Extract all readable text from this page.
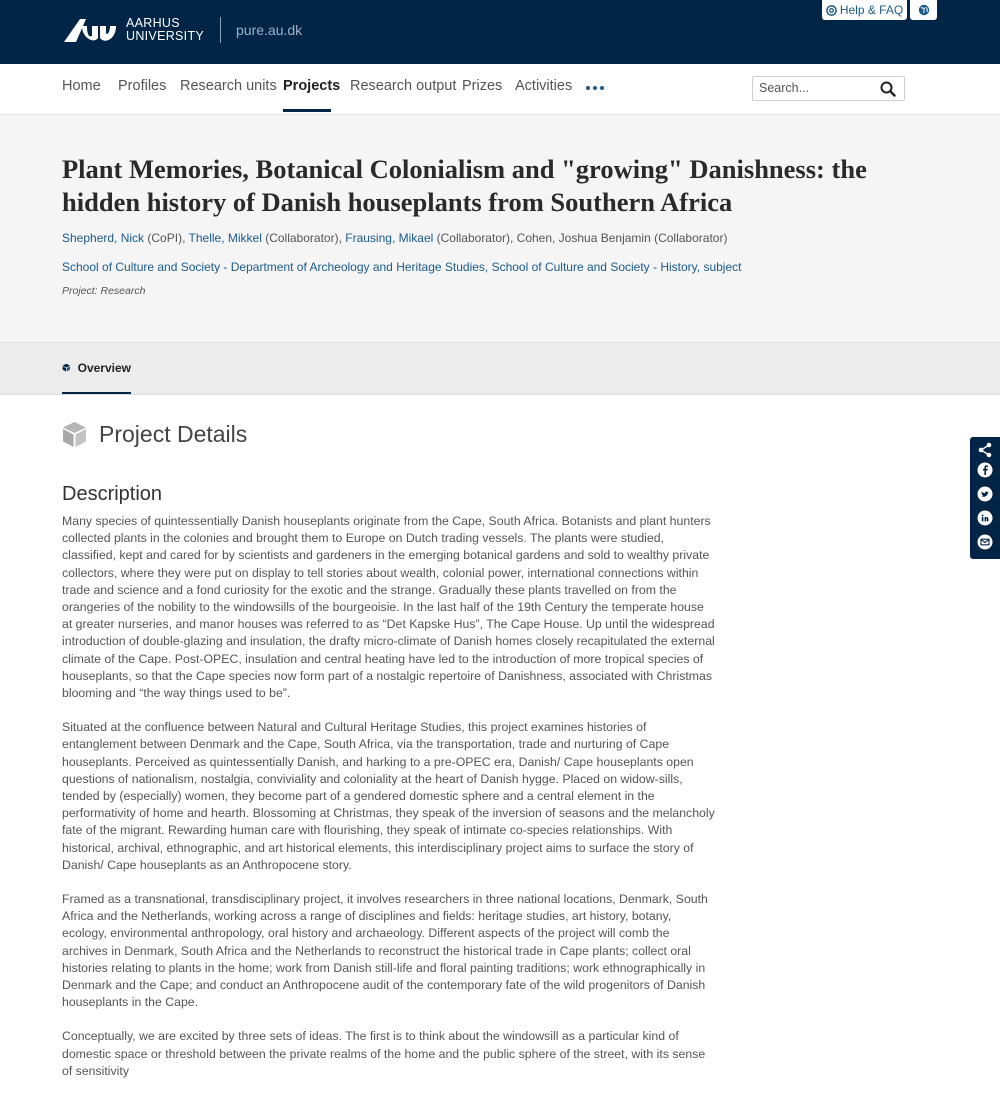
AARHUS
UNIVERSITY pure.au.dk
Help & FAQ
Home Profiles Research units Projects Research output Prizes Activities
Search...
Plant Memories, Botanical Colonialism and "growing" Danishness: the hidden history of Danish houseplants from Southern Africa
Shepherd, Nick (CoPI), Thelle, Mikkel (Collaborator), Frausing, Mikael (Collaborator), Cohen, Joshua Benjamin (Collaborator)
School of Culture and Society - Department of Archeology and Heritage Studies, School of Culture and Society - History, subject
Project: Research
Overview
Project Details
Description

Many species of quintessentially Danish houseplants originate from the Cape, South Africa. Botanists and plant hunters collected plants in the colonies and brought them to Europe on Dutch trading vessels. The plants were studied, classified, kept and cared for by scientists and gardeners in the emerging botanical gardens and sold to wealthy private collectors, where they were put on display to tell stories about wealth, colonial power, international connections within trade and science and a fond curiosity for the exotic and the strange. Gradually these plants travelled on from the orangeries of the nobility to the windowsills of the bourgeoisie. In the last half of the 19th Century the temperate house at greater nurseries, and manor houses was referred to as “Det Kapske Hus”, The Cape House. Up until the widespread introduction of double-glazing and insulation, the drafty micro-climate of Danish homes closely recapitulated the external climate of the Cape. Post-OPEC, insulation and central heating have led to the introduction of more tropical species of houseplants, so that the Cape species now form part of a nostalgic repertoire of Danishness, associated with Christmas blooming and “the way things used to be”.

Situated at the confluence between Natural and Cultural Heritage Studies, this project examines histories of entanglement between Denmark and the Cape, South Africa, via the transportation, trade and nurturing of Cape houseplants. Perceived as quintessentially Danish, and harking to a pre-OPEC era, Danish/ Cape houseplants open questions of nationalism, nostalgia, conviviality and coloniality at the heart of Danish hygge. Placed on widow-sills, tended by (especially) women, they become part of a gendered domestic sphere and a central element in the performativity of home and hearth. Blossoming at Christmas, they speak of the inversion of seasons and the melancholy fate of the migrant. Rewarding human care with flourishing, they speak of intimate co-species relationships. With historical, archival, ethnographic, and art historical elements, this interdisciplinary project aims to surface the story of Danish/ Cape houseplants as an Anthropocene story.

Framed as a transnational, transdisciplinary project, it involves researchers in three national locations, Denmark, South Africa and the Netherlands, working across a range of disciplines and fields: heritage studies, art history, botany, ecology, environmental anthropology, oral history and archaeology. Different aspects of the project will comb the archives in Denmark, South Africa and the Netherlands to reconstruct the historical trade in Cape plants; collect oral histories relating to plants in the home; work from Danish still-life and floral painting traditions; work ethnographically in Denmark and the Cape; and conduct an Anthropocene audit of the contemporary fate of the wild progenitors of Danish houseplants in the Cape.

Conceptually, we are excited by three sets of ideas. The first is to think about the windowsill as a particular kind of domestic space or threshold between the private realms of the home and the public sphere of the street, with its sense of sensitivity
